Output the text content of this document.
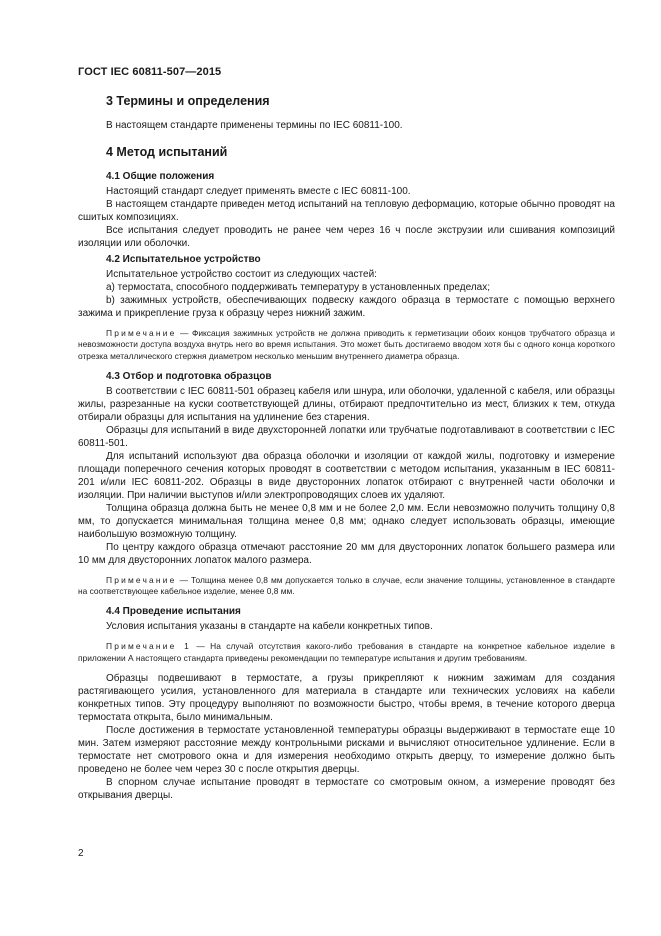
ГОСТ IEC 60811-507—2015
3 Термины и определения

В настоящем стандарте применены термины по IEC 60811-100.

4 Метод испытаний
4.1 Общие положения

Настоящий стандарт следует применять вместе с IEC 60811-100.

В настоящем стандарте приведен метод испытаний на тепловую деформацию, которые обычно проводят на сшитых композициях.

Все испытания следует проводить не ранее чем через 16 ч после экструзии или сшивания композиций изоляции или оболочки.

4.2 Испытательное устройство

Испытательное устройство состоит из следующих частей:

а) термостата, способного поддерживать температуру в установленных пределах;

b) зажимных устройств, обеспечивающих подвеску каждого образца в термостате с помощью верхнего зажима и прикрепление груза к образцу через нижний зажим.

Примечание — Фиксация зажимных устройств не должна приводить к герметизации обоих концов трубчатого образца и невозможности доступа воздуха внутрь него во время испытания. Это может быть достигаемо вводом хотя бы с одного конца короткого отрезка металлического стержня диаметром несколько меньшим внутреннего диаметра образца.

4.3 Отбор и подготовка образцов

В соответствии с IEC 60811-501 образец кабеля или шнура, или оболочки, удаленной с кабеля, или образцы жилы, разрезанные на куски соответствующей длины, отбирают предпочтительно из мест, близких к тем, откуда отбирали образцы для испытания на удлинение без старения.

Образцы для испытаний в виде двухсторонней лопатки или трубчатые подготавливают в соответствии с IEC 60811-501.

Для испытаний используют два образца оболочки и изоляции от каждой жилы, подготовку и измерение площади поперечного сечения которых проводят в соответствии с методом испытания, указанным в IEC 60811-201 и/или IEC 60811-202. Образцы в виде двусторонних лопаток отбирают с внутренней части оболочки и изоляции. При наличии выступов и/или электропроводящих слоев их удаляют.

Толщина образца должна быть не менее 0,8 мм и не более 2,0 мм. Если невозможно получить толщину 0,8 мм, то допускается минимальная толщина менее 0,8 мм; однако следует использовать образцы, имеющие наибольшую возможную толщину.

По центру каждого образца отмечают расстояние 20 мм для двусторонних лопаток большего размера или 10 мм для двусторонних лопаток малого размера.

Примечание — Толщина менее 0,8 мм допускается только в случае, если значение толщины, установленное в стандарте на соответствующее кабельное изделие, менее 0,8 мм.

4.4 Проведение испытания

Условия испытания указаны в стандарте на кабели конкретных типов.

Примечание 1 — На случай отсутствия какого-либо требования в стандарте на конкретное кабельное изделие в приложении А настоящего стандарта приведены рекомендации по температуре испытания и другим требованиям.

Образцы подвешивают в термостате, а грузы прикрепляют к нижним зажимам для создания растягивающего усилия, установленного для материала в стандарте или технических условиях на кабели конкретных типов. Эту процедуру выполняют по возможности быстро, чтобы время, в течение которого дверца термостата открыта, было минимальным.

После достижения в термостате установленной температуры образцы выдерживают в термостате еще 10 мин. Затем измеряют расстояние между контрольными рисками и вычисляют относительное удлинение. Если в термостате нет смотрового окна и для измерения необходимо открыть дверцу, то измерение должно быть проведено не более чем через 30 с после открытия дверцы.

В спорном случае испытание проводят в термостате со смотровым окном, а измерение проводят без открывания дверцы.

2
